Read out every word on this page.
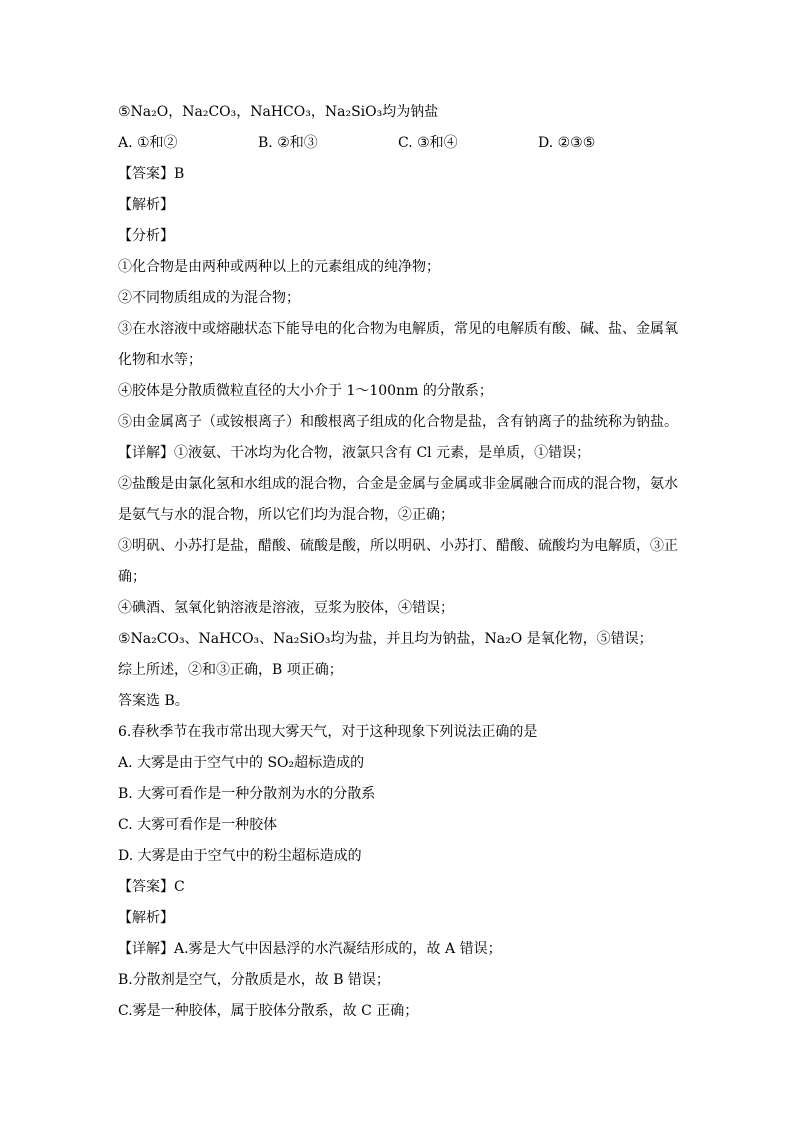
⑤Na₂O，Na₂CO₃，NaHCO₃，Na₂SiO₃均为钠盐
A. ①和②	B. ②和③	C. ③和④	D. ②③⑤
【答案】B
【解析】
【分析】
①化合物是由两种或两种以上的元素组成的纯净物；
②不同物质组成的为混合物；
③在水溶液中或熔融状态下能导电的化合物为电解质，常见的电解质有酸、碱、盐、金属氧
化物和水等；
④胶体是分散质微粒直径的大小介于 1～100nm 的分散系；
⑤由金属离子（或铵根离子）和酸根离子组成的化合物是盐，含有钠离子的盐统称为钠盐。
【详解】①液氨、干冰均为化合物，液氯只含有 Cl 元素，是单质，①错误；
②盐酸是由氯化氢和水组成的混合物，合金是金属与金属或非金属融合而成的混合物，氨水
是氨气与水的混合物，所以它们均为混合物，②正确；
③明矾、小苏打是盐，醋酸、硫酸是酸，所以明矾、小苏打、醋酸、硫酸均为电解质，③正
确；
④碘酒、氢氧化钠溶液是溶液，豆浆为胶体，④错误；
⑤Na₂CO₃、NaHCO₃、Na₂SiO₃均为盐，并且均为钠盐，Na₂O 是氧化物，⑤错误；
综上所述，②和③正确，B 项正确；
答案选 B。
6.春秋季节在我市常出现大雾天气，对于这种现象下列说法正确的是
A. 大雾是由于空气中的 SO₂超标造成的
B. 大雾可看作是一种分散剂为水的分散系
C. 大雾可看作是一种胶体
D. 大雾是由于空气中的粉尘超标造成的
【答案】C
【解析】
【详解】A.雾是大气中因悬浮的水汽凝结形成的，故 A 错误；
B.分散剂是空气，分散质是水，故 B 错误；
C.雾是一种胶体，属于胶体分散系，故 C 正确；
